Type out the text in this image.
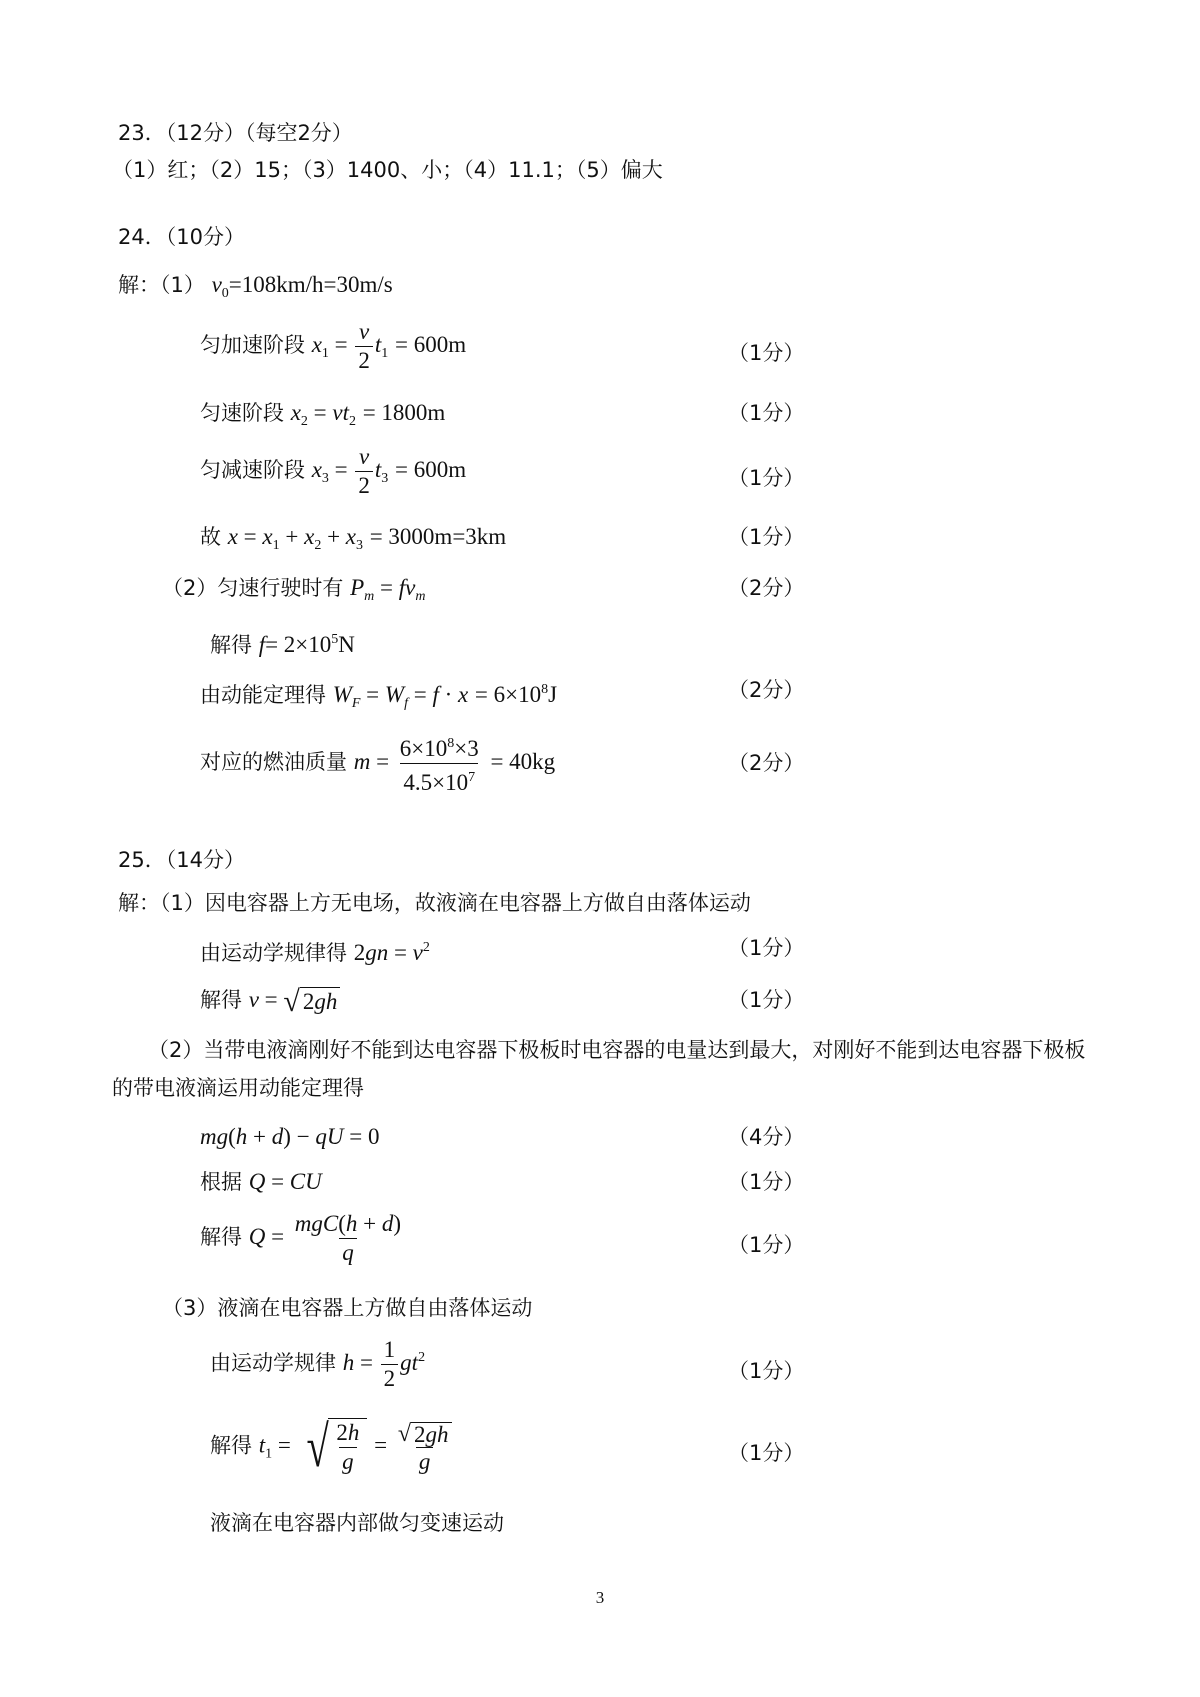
23．（12分）（每空2分）
（1）红；（2）15；（3）1400、小；（4）11.1；（5）偏大
24．（10分）
解：（1） $v_0=108km/h=30m/s$
匀加速阶段 $x_1 = \frac{v}{2} t_1 = 600m$	（1分）
匀速阶段 $x_2 = vt_2 = 1800m$	（1分）
匀减速阶段 $x_3 = \frac{v}{2} t_3 = 600m$	（1分）
故 $x = x_1 + x_2 + x_3 = 3000m=3km$	（1分）
（2）匀速行驶时有 $P_m = fv_m$	（2分）
解得 $f= 2\times 10^5N$
由动能定理得 $W_F = W_f = f \cdot x = 6\times 10^8J$	（2分）
对应的燃油质量 $m = \frac{6\times 10^8\times 3}{4.5\times 10^7} = 40kg$	（2分）
25．（14分）
解：（1）因电容器上方无电场，故液滴在电容器上方做自由落体运动
由运动学规律得 $2gn = v^2$	（1分）
解得 v = √ 2gh	（1分）
（2）当带电液滴刚好不能到达电容器下极板时电容器的电量达到最大，对刚好不能到达电容器下极板
的带电液滴运用动能定理得
mg(h + d) − qU = 0	（4分）
根据 Q = CU	（1分）
解得 $Q = \frac{\text{mgC(h + d)}}{q}$	（1分）
（3）液滴在电容器上方做自由落体运动
由运动学规律 $h = \frac{1}{2} gt^2$
（1分）
解得 $t_1$ = √ $\frac{2h}{g} = \frac{√ 2gh}{g}$	（1分）
液滴在电容器内部做匀变速运动
3
